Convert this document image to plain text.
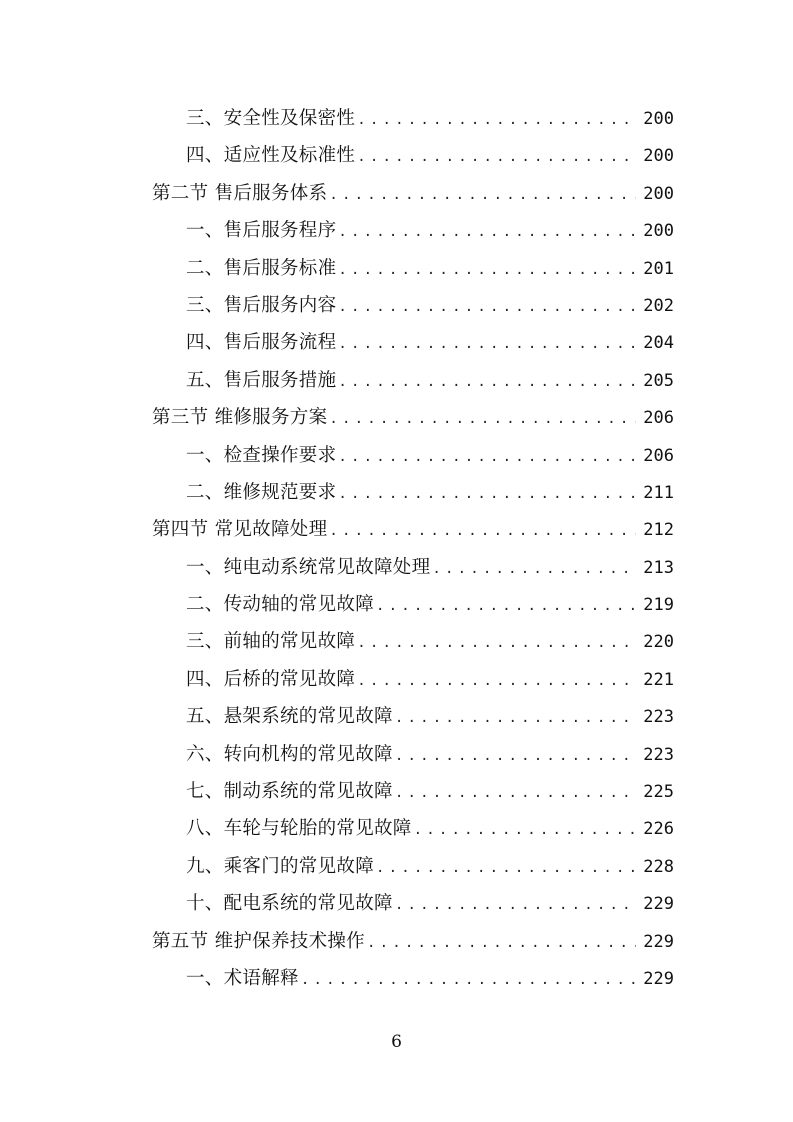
三、安全性及保密性 .....	200
四、适应性及标准性 .....	200
第二节 售后服务体系 .....	200
一、售后服务程序 .....	200
二、售后服务标准 .....	201
三、售后服务内容 .....	202
四、售后服务流程 .....	204
五、售后服务措施 .....	205
第三节 维修服务方案 .....	206
一、检查操作要求 .....	206
二、维修规范要求 .....	211
第四节 常见故障处理 .....	212
一、纯电动系统常见故障处理 .....	213
二、传动轴的常见故障 .....	219
三、前轴的常见故障 .....	220
四、后桥的常见故障 .....	221
五、悬架系统的常见故障 .....	223
六、转向机构的常见故障 .....	223
七、制动系统的常见故障 .....	225
八、车轮与轮胎的常见故障 .....	226
九、乘客门的常见故障 .....	228
十、配电系统的常见故障 .....	229
第五节 维护保养技术操作 .....	229
一、术语解释 .....	229
6
